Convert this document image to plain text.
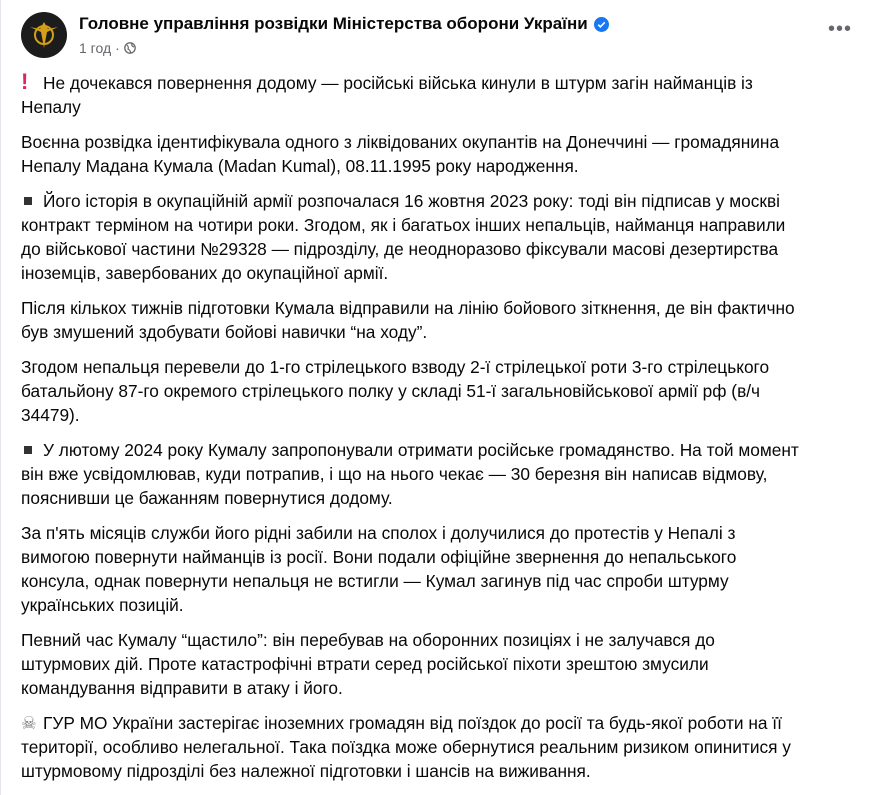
Головне управління розвідки Міністерства оборони України
1 год ·
•••
! Не дочекався повернення додому — російські війська кинули в штурм загін найманців із
Непалу
Воєнна розвідка ідентифікувала одного з ліквідованих окупантів на Донеччині — громадянина
Непалу Мадана Кумала (Madan Kumal), 08.11.1995 року народження.
Його історія в окупаційній армії розпочалася 16 жовтня 2023 року: тоді він підписав у москві
контракт терміном на чотири роки. Згодом, як і багатьох інших непальців, найманця направили
до військової частини №29328 — підрозділу, де неодноразово фіксували масові дезертирства
іноземців, завербованих до окупаційної армії.
Після кількох тижнів підготовки Кумала відправили на лінію бойового зіткнення, де він фактично
був змушений здобувати бойові навички “на ходу”.
Згодом непальця перевели до 1-го стрілецького взводу 2-ї стрілецької роти 3-го стрілецького
батальйону 87-го окремого стрілецького полку у складі 51-ї загальновійськової армії рф (в/ч
34479).
У лютому 2024 року Кумалу запропонували отримати російське громадянство. На той момент
він вже усвідомлював, куди потрапив, і що на нього чекає — 30 березня він написав відмову,
пояснивши це бажанням повернутися додому.
За п'ять місяців служби його рідні забили на сполох і долучилися до протестів у Непалі з
вимогою повернути найманців із росії. Вони подали офіційне звернення до непальського
консула, однак повернути непальця не встигли — Кумал загинув під час спроби штурму
українських позицій.
Певний час Кумалу “щастило”: він перебував на оборонних позиціях і не залучався до
штурмових дій. Проте катастрофічні втрати серед російської піхоти зрештою змусили
командування відправити в атаку і його.
☠ ГУР МО України застерігає іноземних громадян від поїздок до росії та будь-якої роботи на її
території, особливо нелегальної. Така поїздка може обернутися реальним ризиком опинитися у
штурмовому підрозділі без належної підготовки і шансів на виживання.
